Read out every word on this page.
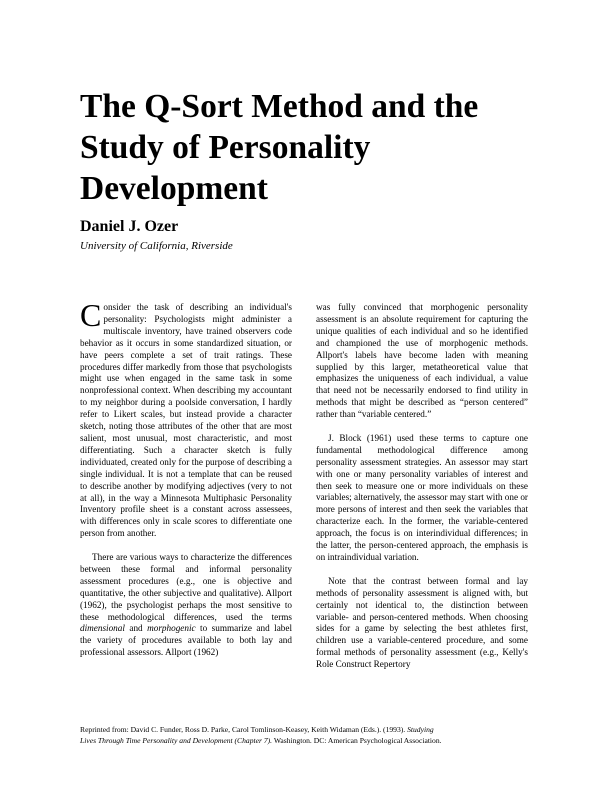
The Q-Sort Method and the
Study of Personality
Development
Daniel J. Ozer
University of California, Riverside

Consider the task of describing an individual's personality: Psychologists might administer a multiscale inventory, have trained observers code behavior as it occurs in some standardized situation, or have peers complete a set of trait ratings. These procedures differ markedly from those that psychologists might use when engaged in the same task in some nonprofessional context. When describing my accountant to my neighbor during a poolside conversation, I hardly refer to Likert scales, but instead provide a character sketch, noting those attributes of the other that are most salient, most unusual, most characteristic, and most differentiating. Such a character sketch is fully individuated, created only for the purpose of describing a single individual. It is not a template that can be reused to describe another by modifying adjectives (very to not at all), in the way a Minnesota Multiphasic Personality Inventory profile sheet is a constant across assessees, with differences only in scale scores to differentiate one person from another.

There are various ways to characterize the differences between these formal and informal personality assessment procedures (e.g., one is objective and quantitative, the other subjective and qualitative). Allport (1962), the psychologist perhaps the most sensitive to these methodological differences, used the terms dimensional and morphogenic to summarize and label the variety of procedures available to both lay and professional assessors. Allport (1962)

was fully convinced that morphogenic personality assessment is an absolute requirement for capturing the unique qualities of each individual and so he identified and championed the use of morphogenic methods. Allport's labels have become laden with meaning supplied by this larger, metatheoretical value that emphasizes the uniqueness of each individual, a value that need not be necessarily endorsed to find utility in methods that might be described as “person centered” rather than “variable centered.”

J. Block (1961) used these terms to capture one fundamental methodological difference among personality assessment strategies. An assessor may start with one or many personality variables of interest and then seek to measure one or more individuals on these variables; alternatively, the assessor may start with one or more persons of interest and then seek the variables that characterize each. In the former, the variable-centered approach, the focus is on interindividual differences; in the latter, the person-centered approach, the emphasis is on intraindividual variation.

Note that the contrast between formal and lay methods of personality assessment is aligned with, but certainly not identical to, the distinction between variable- and person-centered methods. When choosing sides for a game by selecting the best athletes first, children use a variable-centered procedure, and some formal methods of personality assessment (e.g., Kelly's Role Construct Repertory

Reprinted from: David C. Funder, Ross D. Parke, Carol Tomlinson-Keasey, Keith Widaman (Eds.). (1993). Studying
Lives Through Time Personality and Development (Chapter 7). Washington. DC: American Psychological Association.
